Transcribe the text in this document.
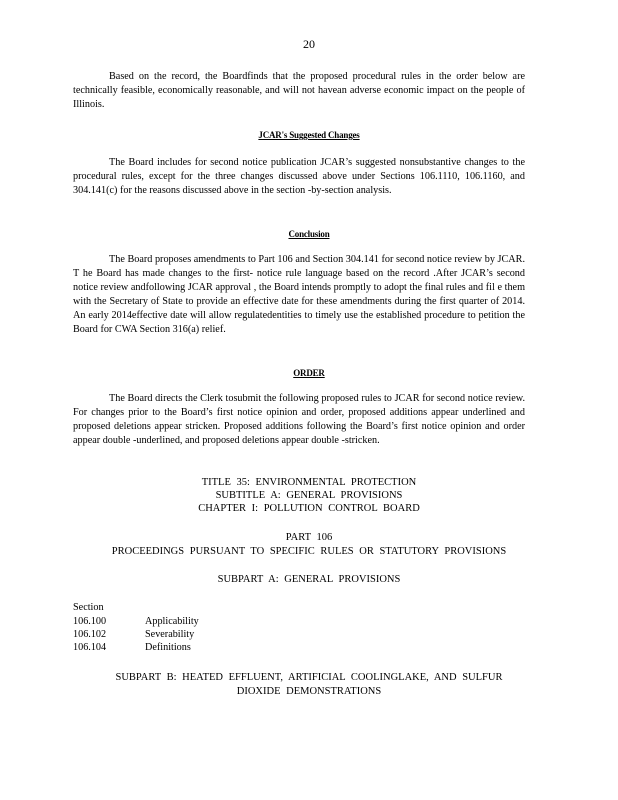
20

Based on the record, the Boardfinds that the proposed procedural rules in the order below are technically feasible, economically reasonable, and will not havean adverse economic impact on the people of Illinois.

JCAR's Suggested Changes

The Board includes for second notice publication JCAR’s suggested nonsubstantive changes to the procedural rules, except for the three changes discussed above under Sections 106.1110, 106.1160, and 304.141(c) for the reasons discussed above in the section -by-section analysis.

Conclusion

The Board proposes amendments to Part 106 and Section 304.141 for second notice review by JCAR. T he Board has made changes to the first- notice rule language based on the record .After JCAR’s second notice review andfollowing JCAR approval , the Board intends promptly to adopt the final rules and fil e them with the Secretary of State to provide an effective date for these amendments during the first quarter of 2014. An early 2014effective date will allow regulatedentities to timely use the established procedure to petition the Board for CWA Section 316(a) relief.

ORDER

The Board directs the Clerk tosubmit the following proposed rules to JCAR for second notice review. For changes prior to the Board’s first notice opinion and order, proposed additions appear underlined and proposed deletions appear stricken. Proposed additions following the Board’s first notice opinion and order appear double -underlined, and proposed deletions appear double -stricken.

TITLE 35: ENVIRONMENTAL PROTECTION
SUBTITLE A: GENERAL PROVISIONS
CHAPTER I: POLLUTION CONTROL BOARD
PART 106
PROCEEDINGS PURSUANT TO SPECIFIC RULES OR STATUTORY PROVISIONS
SUBPART A: GENERAL PROVISIONS
Section
106.100	Applicability
106.102	Severability
106.104	Definitions
SUBPART B: HEATED EFFLUENT, ARTIFICIAL COOLINGLAKE, AND SULFUR
DIOXIDE DEMONSTRATIONS
